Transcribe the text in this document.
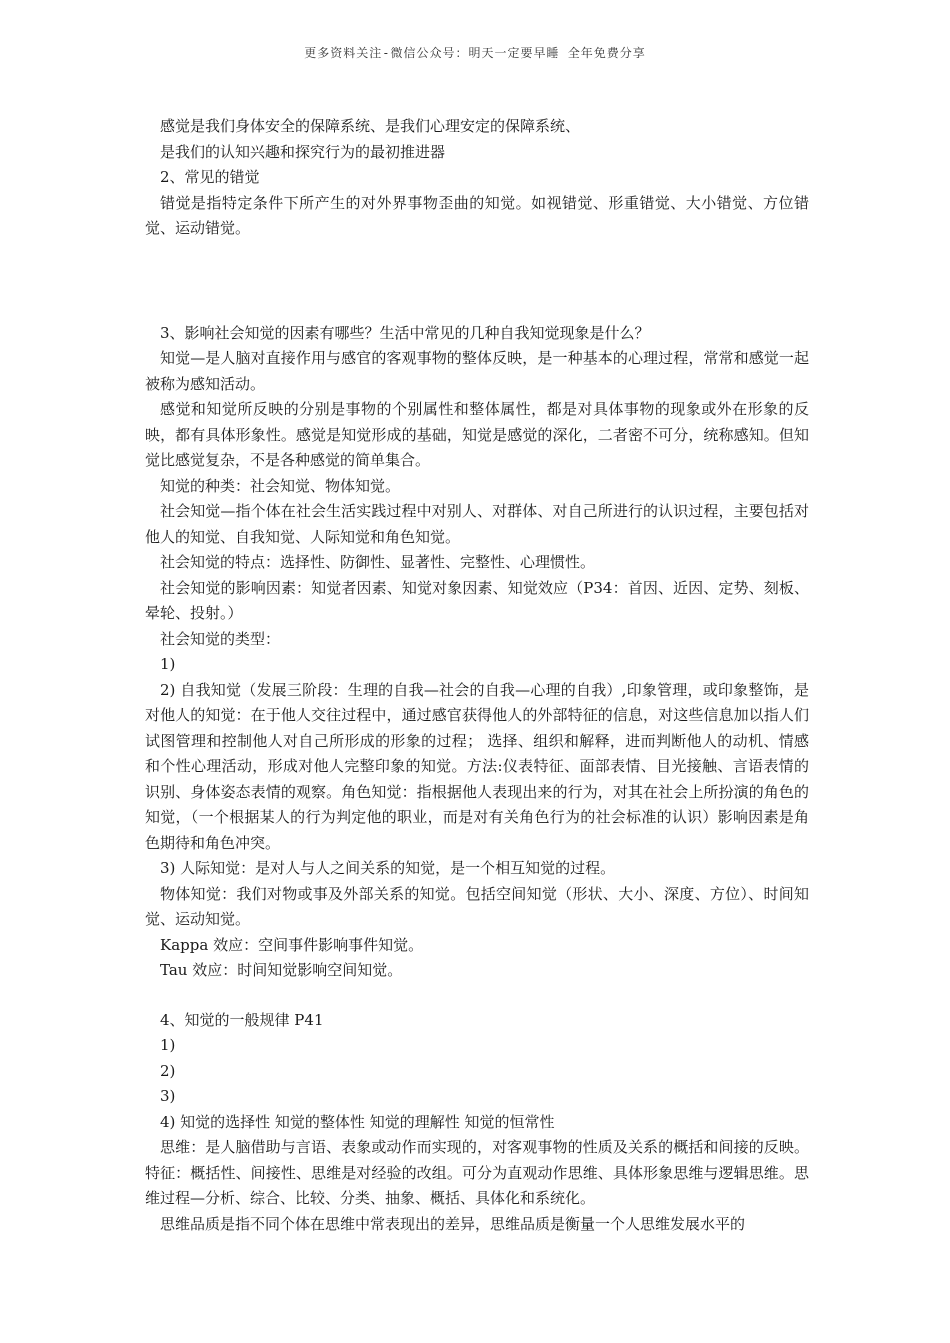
更多资料关注-微信公众号：明天一定要早睡 全年免费分享

感觉是我们身体安全的保障系统、是我们心理安定的保障系统、

是我们的认知兴趣和探究行为的最初推进器

2、常见的错觉

错觉是指特定条件下所产生的对外界事物歪曲的知觉。如视错觉、形重错觉、大小错觉、方位错觉、运动错觉。

3、影响社会知觉的因素有哪些？生活中常见的几种自我知觉现象是什么？

知觉—是人脑对直接作用与感官的客观事物的整体反映，是一种基本的心理过程，常常和感觉一起被称为感知活动。

感觉和知觉所反映的分别是事物的个别属性和整体属性，都是对具体事物的现象或外在形象的反映，都有具体形象性。感觉是知觉形成的基础，知觉是感觉的深化，二者密不可分，统称感知。但知觉比感觉复杂，不是各种感觉的简单集合。

知觉的种类：社会知觉、物体知觉。

社会知觉—指个体在社会生活实践过程中对别人、对群体、对自己所进行的认识过程，主要包括对他人的知觉、自我知觉、人际知觉和角色知觉。

社会知觉的特点：选择性、防御性、显著性、完整性、心理惯性。

社会知觉的影响因素：知觉者因素、知觉对象因素、知觉效应（P34：首因、近因、定势、刻板、晕轮、投射。）

社会知觉的类型：

1)

2) 自我知觉（发展三阶段：生理的自我—社会的自我—心理的自我）,印象管理，或印象整饰，是对他人的知觉：在于他人交往过程中，通过感官获得他人的外部特征的信息，对这些信息加以指人们试图管理和控制他人对自己所形成的形象的过程； 选择、组织和解释，进而判断他人的动机、情感和个性心理活动，形成对他人完整印象的知觉。方法:仪表特征、面部表情、目光接触、言语表情的识别、身体姿态表情的观察。角色知觉：指根据他人表现出来的行为，对其在社会上所扮演的角色的知觉，（一个根据某人的行为判定他的职业，而是对有关角色行为的社会标准的认识）影响因素是角色期待和角色冲突。

3) 人际知觉：是对人与人之间关系的知觉，是一个相互知觉的过程。

物体知觉：我们对物或事及外部关系的知觉。包括空间知觉（形状、大小、深度、方位）、时间知觉、运动知觉。

Kappa 效应：空间事件影响事件知觉。

Tau 效应：时间知觉影响空间知觉。

4、知觉的一般规律 P41

1)

2)

3)

4) 知觉的选择性 知觉的整体性 知觉的理解性 知觉的恒常性

思维：是人脑借助与言语、表象或动作而实现的，对客观事物的性质及关系的概括和间接的反映。特征：概括性、间接性、思维是对经验的改组。可分为直观动作思维、具体形象思维与逻辑思维。思维过程—分析、综合、比较、分类、抽象、概括、具体化和系统化。

思维品质是指不同个体在思维中常表现出的差异，思维品质是衡量一个人思维发展水平的
